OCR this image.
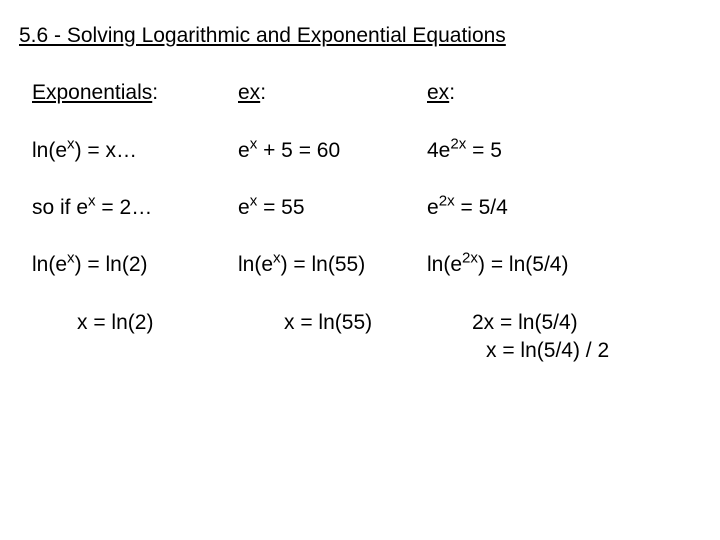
5.6 - Solving Logarithmic and Exponential Equations
Exponentials:
$\ln(e^x)$ = x…
so if $e^x$ = 2…
$\ln(e^x) = \ln(2)$
x = ln(2)
ex:
$e^x + 5 = 60$
$e^x = 55$
$\ln(e^x) = \ln(55)$
x = ln(55)
ex:
$4e^{2x} = 5$
$e^{2x} = 5/4$
$\ln(e^{2x}) = \ln(5/4)$
2x = ln(5/4)
x = ln(5/4) / 2
